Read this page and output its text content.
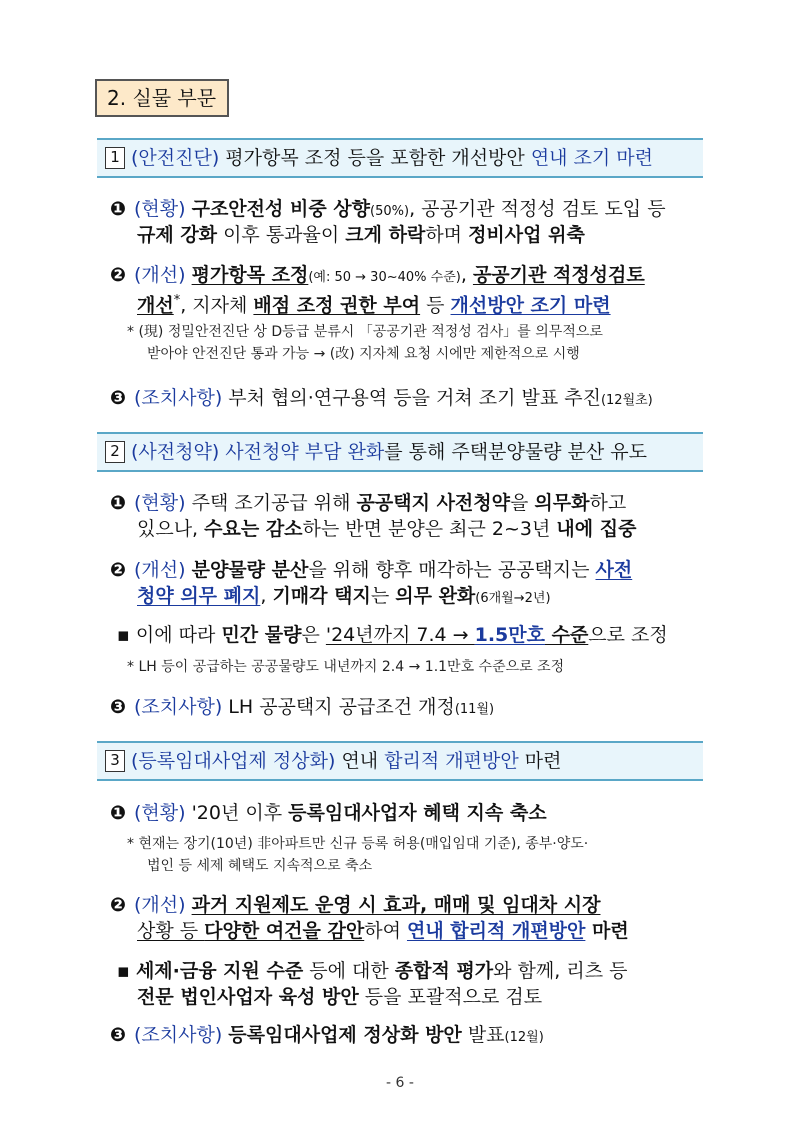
2. 실물 부문
1 (안전진단) 평가항목 조정 등을 포함한 개선방안 연내 조기 마련
❶ (현황) 구조안전성 비중 상향(50%), 공공기관 적정성 검토 도입 등
규제 강화 이후 통과율이 크게 하락하며 정비사업 위축
❷ (개선) 평가항목 조정(예: 50 → 30~40% 수준), 공공기관 적정성검토
개선*, 지자체 배점 조정 권한 부여 등 개선방안 조기 마련
* (現) 정밀안전진단 상 D등급 분류시 「공공기관 적정성 검사」를 의무적으로
받아야 안전진단 통과 가능 → (改) 지자체 요청 시에만 제한적으로 시행
❸ (조치사항) 부처 협의·연구용역 등을 거쳐 조기 발표 추진(12월초)
2 (사전청약) 사전청약 부담 완화를 통해 주택분양물량 분산 유도
❶ (현황) 주택 조기공급 위해 공공택지 사전청약을 의무화하고
있으나, 수요는 감소하는 반면 분양은 최근 2~3년 내에 집중
❷ (개선) 분양물량 분산을 위해 향후 매각하는 공공택지는 사전
청약 의무 폐지, 기매각 택지는 의무 완화(6개월→2년)
▪ 이에 따라 민간 물량은 '24년까지 7.4 → 1.5만호 수준으로 조정
* LH 등이 공급하는 공공물량도 내년까지 2.4 → 1.1만호 수준으로 조정
❸ (조치사항) LH 공공택지 공급조건 개정(11월)
3 (등록임대사업제 정상화) 연내 합리적 개편방안 마련
❶ (현황) '20년 이후 등록임대사업자 혜택 지속 축소
* 현재는 장기(10년) 非아파트만 신규 등록 허용(매입임대 기준), 종부·양도·
법인 등 세제 혜택도 지속적으로 축소
❷ (개선) 과거 지원제도 운영 시 효과, 매매 및 임대차 시장
상황 등 다양한 여건을 감안하여 연내 합리적 개편방안 마련
▪ 세제·금융 지원 수준 등에 대한 종합적 평가와 함께, 리츠 등
전문 법인사업자 육성 방안 등을 포괄적으로 검토
❸ (조치사항) 등록임대사업제 정상화 방안 발표(12월)
- 6 -
